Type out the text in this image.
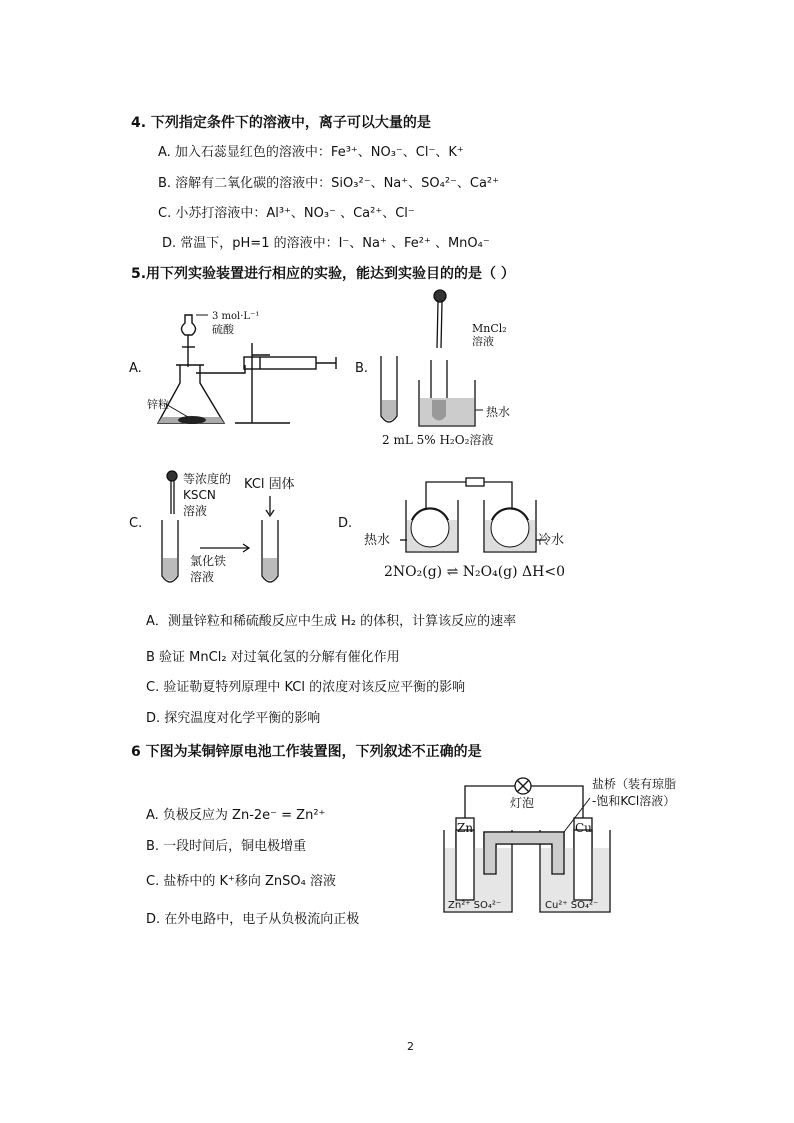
4. 下列指定条件下的溶液中，离子可以大量的是
A. 加入石蕊显红色的溶液中：Fe³⁺、NO₃⁻、Cl⁻、K⁺
B. 溶解有二氧化碳的溶液中：SiO₃²⁻、Na⁺、SO₄²⁻、Ca²⁺
C. 小苏打溶液中：Al³⁺、NO₃⁻ 、Ca²⁺、Cl⁻
D. 常温下，pH=1 的溶液中：I⁻、Na⁺ 、Fe²⁺ 、MnO₄⁻
5.用下列实验装置进行相应的实验，能达到实验目的的是（ ）
A.
3 mol·L⁻¹
硫酸
锌粒
B.
MnCl₂
溶液
热水
2 mL 5% H₂O₂溶液
C.
等浓度的
KSCN
溶液
KCl 固体
氯化铁
溶液
D.
热水	冷水
2NO₂(g) ⇌ N₂O₄(g) ΔH<0
A．测量锌粒和稀硫酸反应中生成 H₂ 的体积，计算该反应的速率
B 验证 MnCl₂ 对过氧化氢的分解有催化作用
C. 验证勒夏特列原理中 KCl 的浓度对该反应平衡的影响
D. 探究温度对化学平衡的影响
6 下图为某铜锌原电池工作装置图，下列叙述不正确的是
A. 负极反应为 Zn-2e⁻ = Zn²⁺
B. 一段时间后，铜电极增重
C. 盐桥中的 K⁺移向 ZnSO₄ 溶液
D. 在外电路中，电子从负极流向正极
盐桥（装有琼脂
-饱和KCl溶液）
灯泡
Zn	Cu
Zn²⁺ SO₄²⁻	Cu²⁺ SO₄²⁻
2
